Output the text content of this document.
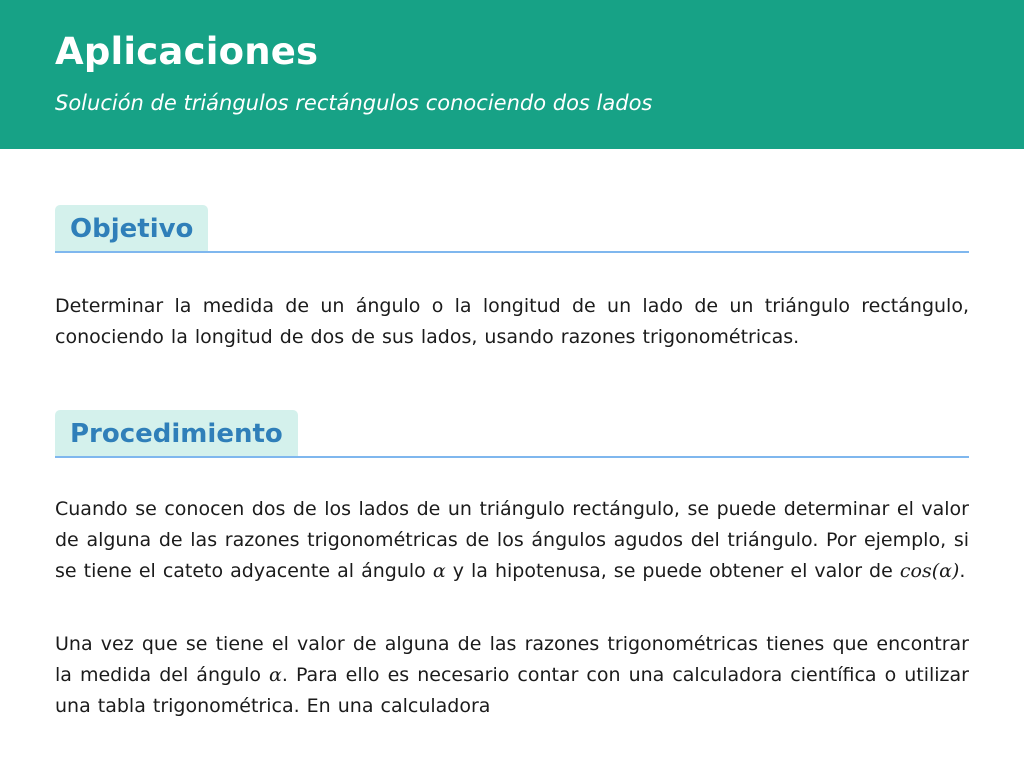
Aplicaciones

Solución de triángulos rectángulos conociendo dos lados

Objetivo

Determinar la medida de un ángulo o la longitud de un lado de un triángulo rectángulo, conociendo la longitud de dos de sus lados, usando razones trigonométricas.

Procedimiento

Cuando se conocen dos de los lados de un triángulo rectángulo, se puede determinar el valor de alguna de las razones trigonométricas de los ángulos agudos del triángulo. Por ejemplo, si se tiene el cateto adyacente al ángulo α y la hipotenusa, se puede obtener el valor de cos(α).

Una vez que se tiene el valor de alguna de las razones trigonométricas tienes que encontrar la medida del ángulo α. Para ello es necesario contar con una calculadora científica o utilizar una tabla trigonométrica. En una calculadora
